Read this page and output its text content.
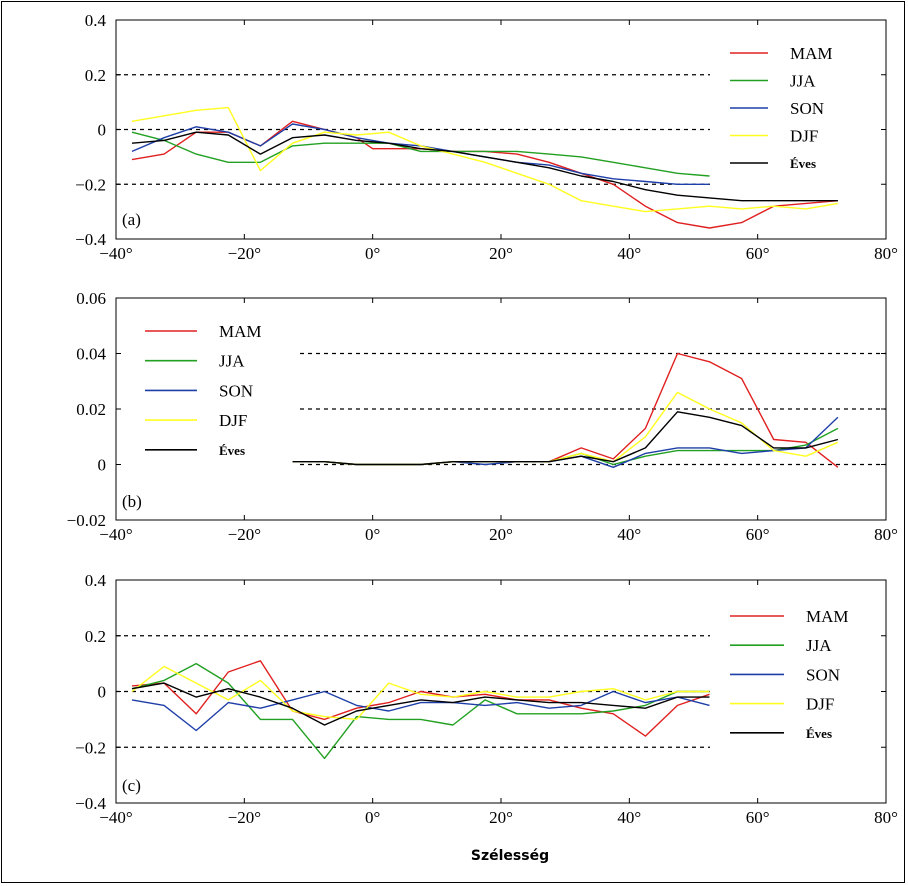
Szélesség
−40°	−20°	0°	20°	40°	60°	80°
0.4
0.2
0
−0.2
−0.4
MAM
JJA
SON
DJF
Éves
(a)
−40°	−20°	0°	20°	40°	60°	80°
0.06
0.04
0.02
0
−0.02
MAM
JJA
SON
DJF
Éves
(b)
−40°	−20°	0°	20°	40°	60°	80°
0.4
0.2
0
−0.2
−0.4
MAM
JJA
SON
DJF
Éves
(c)
